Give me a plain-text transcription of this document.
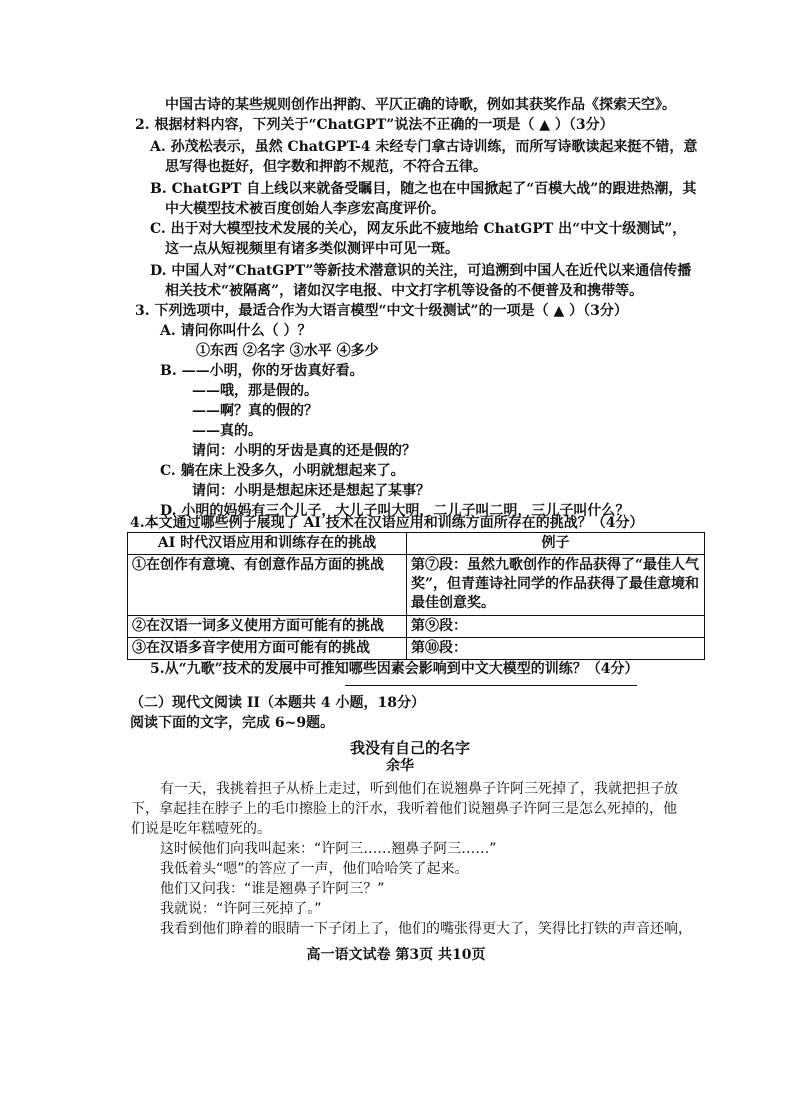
中国古诗的某些规则创作出押韵、平仄正确的诗歌，例如其获奖作品《探索天空》。
2. 根据材料内容，下列关于“ChatGPT”说法不正确的一项是（ ▲ ）（3分）
A. 孙茂松表示，虽然 ChatGPT-4 未经专门拿古诗训练，而所写诗歌读起来挺不错，意
思写得也挺好，但字数和押韵不规范，不符合五律。
B. ChatGPT 自上线以来就备受瞩目，随之也在中国掀起了“百模大战”的跟进热潮，其
中大模型技术被百度创始人李彦宏高度评价。
C. 出于对大模型技术发展的关心，网友乐此不疲地给 ChatGPT 出“中文十级测试”，
这一点从短视频里有诸多类似测评中可见一斑。
D. 中国人对“ChatGPT”等新技术潜意识的关注，可追溯到中国人在近代以来通信传播
相关技术“被隔离”，诸如汉字电报、中文打字机等设备的不便普及和携带等。
3. 下列选项中，最适合作为大语言模型“中文十级测试”的一项是（ ▲ ）（3分）
A. 请问你叫什么（ ）？
①东西 ②名字 ③水平 ④多少
B. ——小明，你的牙齿真好看。
——哦，那是假的。
——啊？真的假的？
——真的。
请问：小明的牙齿是真的还是假的？
C. 躺在床上没多久，小明就想起来了。
请问：小明是想起床还是想起了某事？
D. 小明的妈妈有三个儿子，大儿子叫大明，二儿子叫二明，三儿子叫什么？
4.本文通过哪些例子展现了 AI 技术在汉语应用和训练方面所存在的挑战？（4分）
AI 时代汉语应用和训练存在的挑战	例子
①在创作有意境、有创意作品方面的挑战	第⑦段：虽然九歌创作的作品获得了“最佳人气奖”，但青莲诗社同学的作品获得了最佳意境和最佳创意奖。
②在汉语一词多义使用方面可能有的挑战	第⑨段：
③在汉语多音字使用方面可能有的挑战	第⑩段：
5.从“九歌”技术的发展中可推知哪些因素会影响到中文大模型的训练？（4分）
（二）现代文阅读 II（本题共 4 小题，18分）
阅读下面的文字，完成 6~9题。
我没有自己的名字
余华
有一天，我挑着担子从桥上走过，听到他们在说翘鼻子许阿三死掉了，我就把担子放
下，拿起挂在脖子上的毛巾擦脸上的汗水，我听着他们说翘鼻子许阿三是怎么死掉的，他
们说是吃年糕噎死的。
这时候他们向我叫起来：“许阿三……翘鼻子阿三……”
我低着头“嗯”的答应了一声，他们哈哈笑了起来。
他们又问我：“谁是翘鼻子许阿三？”
我就说：“许阿三死掉了。”
我看到他们睁着的眼睛一下子闭上了，他们的嘴张得更大了，笑得比打铁的声音还响，
高一语文试卷 第3页 共10页
